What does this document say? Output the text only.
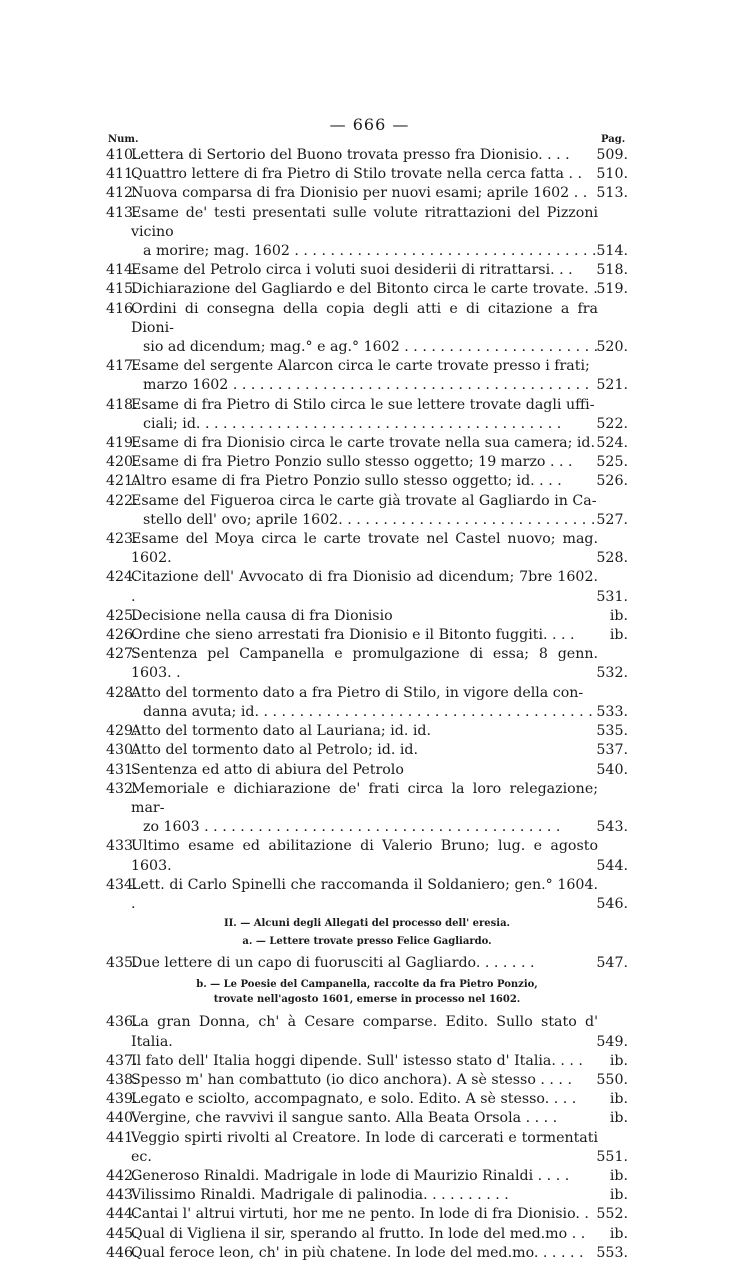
— 666 —
Num.	Pag.
410.
Lettera di Sertorio del Buono trovata presso fra Dionisio. . . .	509.
411.
Quattro lettere di fra Pietro di Stilo trovate nella cerca fatta . .	510.
412.
Nuova comparsa di fra Dionisio per nuovi esami; aprile 1602 . . 513.
413.
Esame de' testi presentati sulle volute ritrattazioni del Pizzoni vicino
a morire; mag. 1602 . . .	514.
414.
Esame del Petrolo circa i voluti suoi desiderii di ritrattarsi. . .	518.
415.
Dichiarazione del Gagliardo e del Bitonto circa le carte trovate. .
519.
416.
Ordini di consegna della copia degli atti e di citazione a fra Dioni-
sio ad dicendum; mag.° e ag.° 1602 . . .	520.
417.
Esame del sergente Alarcon circa le carte trovate presso i frati;
marzo 1602 . . .	521.
418.
Esame di fra Pietro di Stilo circa le sue lettere trovate dagli uffi-
ciali; id. . . .	522.
419.
Esame di fra Dionisio circa le carte trovate nella sua camera; id. 524.
420.
Esame di fra Pietro Ponzio sullo stesso oggetto; 19 marzo . . .	525.
421.
Altro esame di fra Pietro Ponzio sullo stesso oggetto; id. . . .	526.
422.
Esame del Figueroa circa le carte già trovate al Gagliardo in Ca-
stello dell' ovo; aprile 1602. . . .	527.
423.
Esame del Moya circa le carte trovate nel Castel nuovo; mag. 1602.	528.
424.
Citazione dell' Avvocato di fra Dionisio ad dicendum; 7bre 1602. .	531.
425.
Decisione nella causa di fra Dionisio	ib.
426.
Ordine che sieno arrestati fra Dionisio e il Bitonto fuggiti. . . .	ib.
427.
Sentenza pel Campanella e promulgazione di essa; 8 genn. 1603. .	532.
428.
Atto del tormento dato a fra Pietro di Stilo, in vigore della con-
danna avuta; id. . . .	533.
429.
Atto del tormento dato al Lauriana; id. id.	535.
430.
Atto del tormento dato al Petrolo; id. id.	537.
431.
Sentenza ed atto di abiura del Petrolo	540.
432.
Memoriale e dichiarazione de' frati circa la loro relegazione; mar-
zo 1603 . . .	543.
433.
Ultimo esame ed abilitazione di Valerio Bruno; lug. e agosto 1603.	544.
434.
Lett. di Carlo Spinelli che raccomanda il Soldaniero; gen.° 1604. .	546.
II. — Alcuni degli Allegati del processo dell' eresia.
a. — Lettere trovate presso Felice Gagliardo.
435.
Due lettere di un capo di fuorusciti al Gagliardo. . . . . . .	547.
b. — Le Poesie del Campanella, raccolte da fra Pietro Ponzio,
trovate nell'agosto 1601, emerse in processo nel 1602.
436.
La gran Donna, ch' à Cesare comparse. Edito. Sullo stato d' Italia.	549.
437.
Il fato dell' Italia hoggi dipende. Sull' istesso stato d' Italia. . . .	ib.
438.
Spesso m' han combattuto (io dico anchora). A sè stesso . . . .	550.
439.
Legato e sciolto, accompagnato, e solo. Edito. A sè stesso. . . .	ib.
440.
Vergine, che ravvivi il sangue santo. Alla Beata Orsola . . . .	ib.
441.
Veggio spirti rivolti al Creatore. In lode di carcerati e tormentati ec.	551.
442.
Generoso Rinaldi. Madrigale in lode di Maurizio Rinaldi . . . .	ib.
443.
Vilissimo Rinaldi. Madrigale di palinodia. . . . . . . . . .	ib.
444.
Cantai l' altrui virtuti, hor me ne pento. In lode di fra Dionisio. . 552.
445.
Qual di Vigliena il sir, sperando al frutto. In lode del med.mo . .	ib.
446.
Qual feroce leon, ch' in più chatene. In lode del med.mo. . . . . . 553.
